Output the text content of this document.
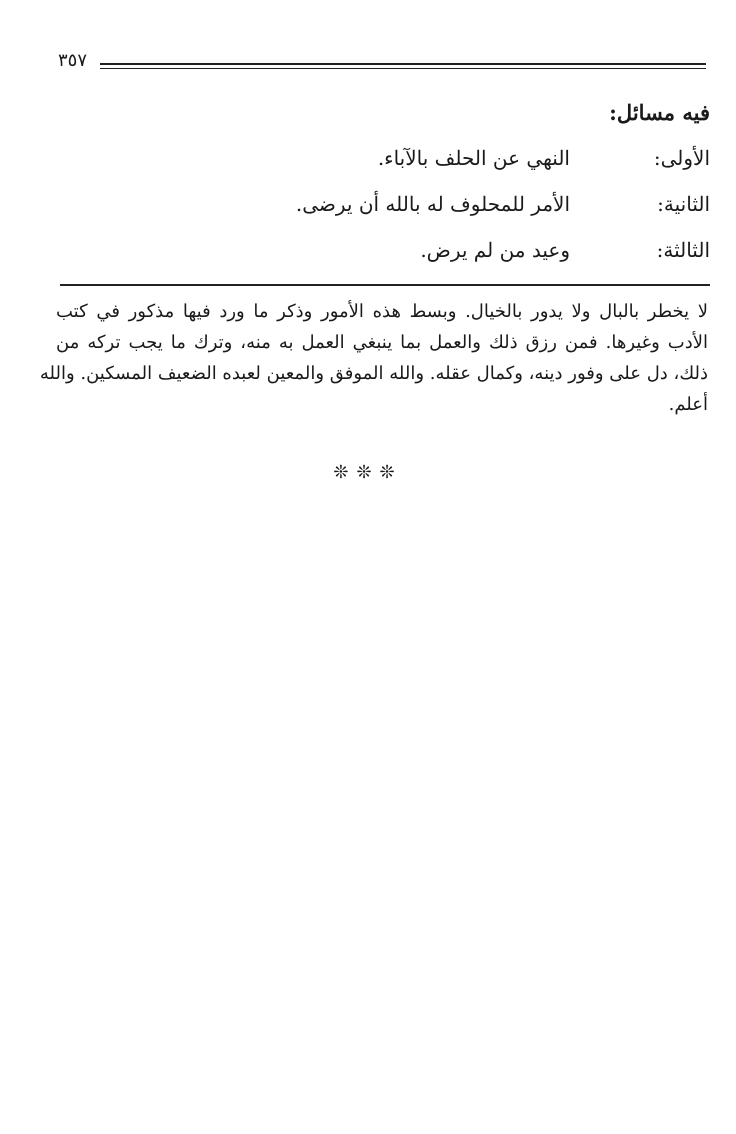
٣٥٧
فيه مسائل:
الأولى:
النهي عن الحلف بالآباء.
الثانية:
الأمر للمحلوف له بالله أن يرضى.
الثالثة:
وعيد من لم يرض.
لا يخطر بالبال ولا يدور بالخيال. وبسط هذه الأمور وذكر ما ورد فيها مذكور في كتب
الأدب وغيرها. فمن رزق ذلك والعمل بما ينبغي العمل به منه، وترك ما يجب تركه من
ذلك، دل على وفور دينه، وكمال عقله. والله الموفق والمعين لعبده الضعيف المسكين. والله
أعلم.
❊❊❊
